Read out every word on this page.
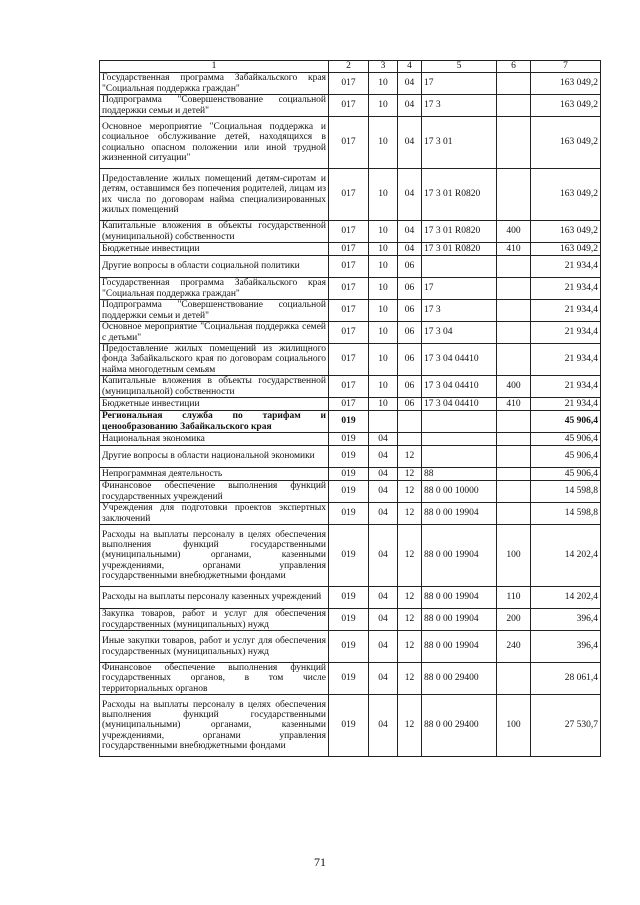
1	2	3	4	5	6	7
Государственная программа Забайкальского края "Социальная поддержка граждан"	017	10	04	17		163 049,2
Подпрограмма "Совершенствование социальной поддержки семьи и детей"	017	10	04	17 3		163 049,2
Основное мероприятие "Социальная поддержка и социальное обслуживание детей, находящихся в социально опасном положении или иной трудной жизненной ситуации"	017	10	04	17 3 01		163 049,2
Предоставление жилых помещений детям-сиротам и детям, оставшимся без попечения родителей, лицам из их числа по договорам найма специализированных жилых помещений	017	10	04	17 3 01 R0820		163 049,2
Капитальные вложения в объекты государственной (муниципальной) собственности	017	10	04	17 3 01 R0820	400	163 049,2
Бюджетные инвестиции	017	10	04	17 3 01 R0820	410	163 049,2
Другие вопросы в области социальной политики	017	10	06			21 934,4
Государственная программа Забайкальского края "Социальная поддержка граждан"	017	10	06	17		21 934,4
Подпрограмма "Совершенствование социальной поддержки семьи и детей"	017	10	06	17 3		21 934,4
Основное мероприятие "Социальная поддержка семей с детьми"	017	10	06	17 3 04		21 934,4
Предоставление жилых помещений из жилищного фонда Забайкальского края по договорам социального найма многодетным семьям	017	10	06	17 3 04 04410		21 934,4
Капитальные вложения в объекты государственной (муниципальной) собственности	017	10	06	17 3 04 04410	400	21 934,4
Бюджетные инвестиции	017	10	06	17 3 04 04410	410	21 934,4
Региональная служба по тарифам и ценообразованию Забайкальского края	019					45 906,4
Национальная экономика	019	04				45 906,4
Другие вопросы в области национальной экономики	019	04	12			45 906,4
Непрограммная деятельность	019	04	12	88		45 906,4
Финансовое обеспечение выполнения функций государственных учреждений	019	04	12	88 0 00 10000		14 598,8
Учреждения для подготовки проектов экспертных заключений	019	04	12	88 0 00 19904		14 598,8
Расходы на выплаты персоналу в целях обеспечения выполнения функций государственными (муниципальными) органами, казенными учреждениями, органами управления государственными внебюджетными фондами	019	04	12	88 0 00 19904	100	14 202,4
Расходы на выплаты персоналу казенных учреждений	019	04	12	88 0 00 19904	110	14 202,4
Закупка товаров, работ и услуг для обеспечения государственных (муниципальных) нужд	019	04	12	88 0 00 19904	200	396,4
Иные закупки товаров, работ и услуг для обеспечения государственных (муниципальных) нужд	019	04	12	88 0 00 19904	240	396,4
Финансовое обеспечение выполнения функций государственных органов, в том числе территориальных органов	019	04	12	88 0 00 29400		28 061,4
Расходы на выплаты персоналу в целях обеспечения выполнения функций государственными (муниципальными) органами, казенными учреждениями, органами управления государственными внебюджетными фондами	019	04	12	88 0 00 29400	100	27 530,7
71
